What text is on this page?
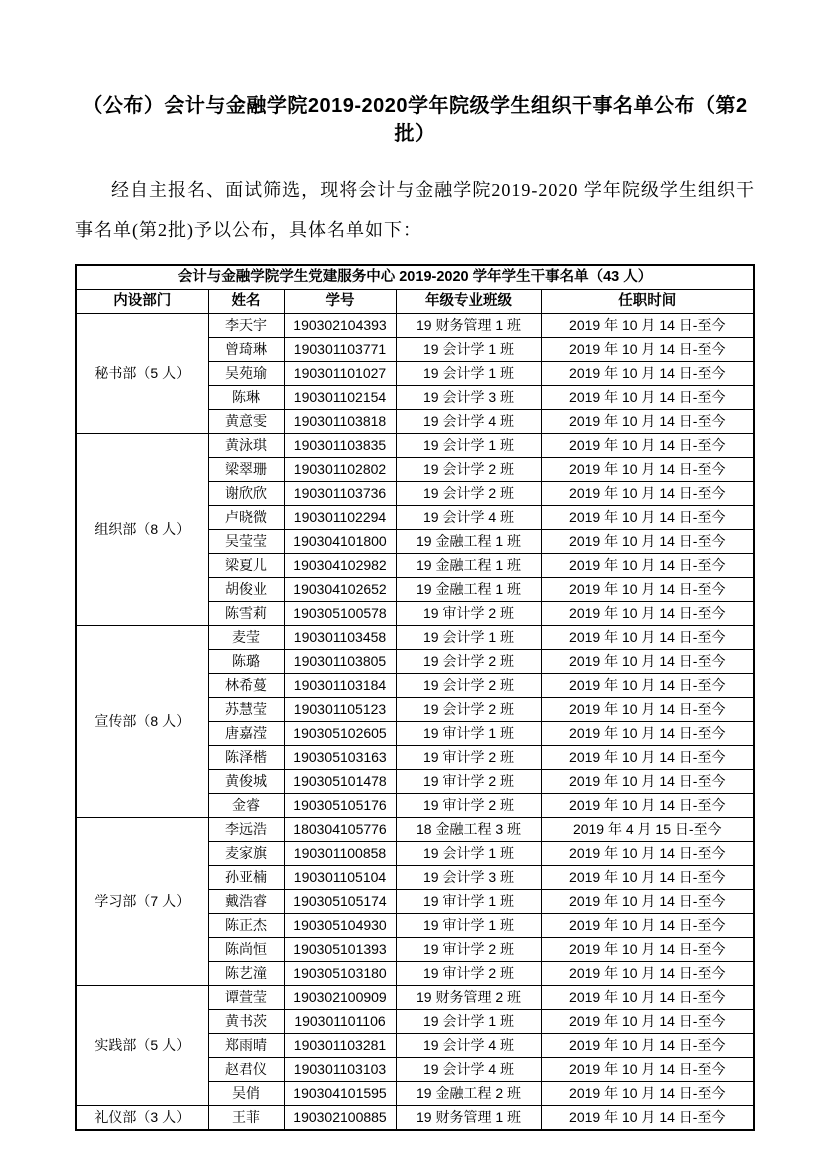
（公布）会计与金融学院2019-2020学年院级学生组织干事名单公布（第2批）

经自主报名、面试筛选，现将会计与金融学院2019-2020 学年院级学生组织干事名单(第2批)予以公布，具体名单如下：

会计与金融学院学生党建服务中心 2019-2020 学年学生干事名单（43 人）				
内设部门	姓名	学号	年级专业班级	任职时间
秘书部（5 人）	李天宇	190302104393	19 财务管理 1 班	2019 年 10 月 14 日-至今
	曾琦琳	190301103771	19 会计学 1 班	2019 年 10 月 14 日-至今
	吴苑瑜	190301101027	19 会计学 1 班	2019 年 10 月 14 日-至今
	陈琳	190301102154	19 会计学 3 班	2019 年 10 月 14 日-至今
	黄意雯	190301103818	19 会计学 4 班	2019 年 10 月 14 日-至今
组织部（8 人）	黄泳琪	190301103835	19 会计学 1 班	2019 年 10 月 14 日-至今
	梁翠珊	190301102802	19 会计学 2 班	2019 年 10 月 14 日-至今
	谢欣欣	190301103736	19 会计学 2 班	2019 年 10 月 14 日-至今
	卢晓微	190301102294	19 会计学 4 班	2019 年 10 月 14 日-至今
	吴莹莹	190304101800	19 金融工程 1 班	2019 年 10 月 14 日-至今
	梁夏儿	190304102982	19 金融工程 1 班	2019 年 10 月 14 日-至今
	胡俊业	190304102652	19 金融工程 1 班	2019 年 10 月 14 日-至今
	陈雪莉	190305100578	19 审计学 2 班	2019 年 10 月 14 日-至今
宣传部（8 人）	麦莹	190301103458	19 会计学 1 班	2019 年 10 月 14 日-至今
	陈璐	190301103805	19 会计学 2 班	2019 年 10 月 14 日-至今
	林希蔓	190301103184	19 会计学 2 班	2019 年 10 月 14 日-至今
	苏慧莹	190301105123	19 会计学 2 班	2019 年 10 月 14 日-至今
	唐嘉滢	190305102605	19 审计学 1 班	2019 年 10 月 14 日-至今
	陈泽楷	190305103163	19 审计学 2 班	2019 年 10 月 14 日-至今
	黄俊城	190305101478	19 审计学 2 班	2019 年 10 月 14 日-至今
	金睿	190305105176	19 审计学 2 班	2019 年 10 月 14 日-至今
学习部（7 人）	李远浩	180304105776	18 金融工程 3 班	2019 年 4 月 15 日-至今
	麦家旗	190301100858	19 会计学 1 班	2019 年 10 月 14 日-至今
	孙亚楠	190301105104	19 会计学 3 班	2019 年 10 月 14 日-至今
	戴浩睿	190305105174	19 审计学 1 班	2019 年 10 月 14 日-至今
	陈正杰	190305104930	19 审计学 1 班	2019 年 10 月 14 日-至今
	陈尚恒	190305101393	19 审计学 2 班	2019 年 10 月 14 日-至今
	陈艺潼	190305103180	19 审计学 2 班	2019 年 10 月 14 日-至今
实践部（5 人）	谭萱莹	190302100909	19 财务管理 2 班	2019 年 10 月 14 日-至今
	黄书茨	190301101106	19 会计学 1 班	2019 年 10 月 14 日-至今
	郑雨晴	190301103281	19 会计学 4 班	2019 年 10 月 14 日-至今
	赵君仪	190301103103	19 会计学 4 班	2019 年 10 月 14 日-至今
	吴俏	190304101595	19 金融工程 2 班	2019 年 10 月 14 日-至今
礼仪部（3 人）	王菲	190302100885	19 财务管理 1 班	2019 年 10 月 14 日-至今
